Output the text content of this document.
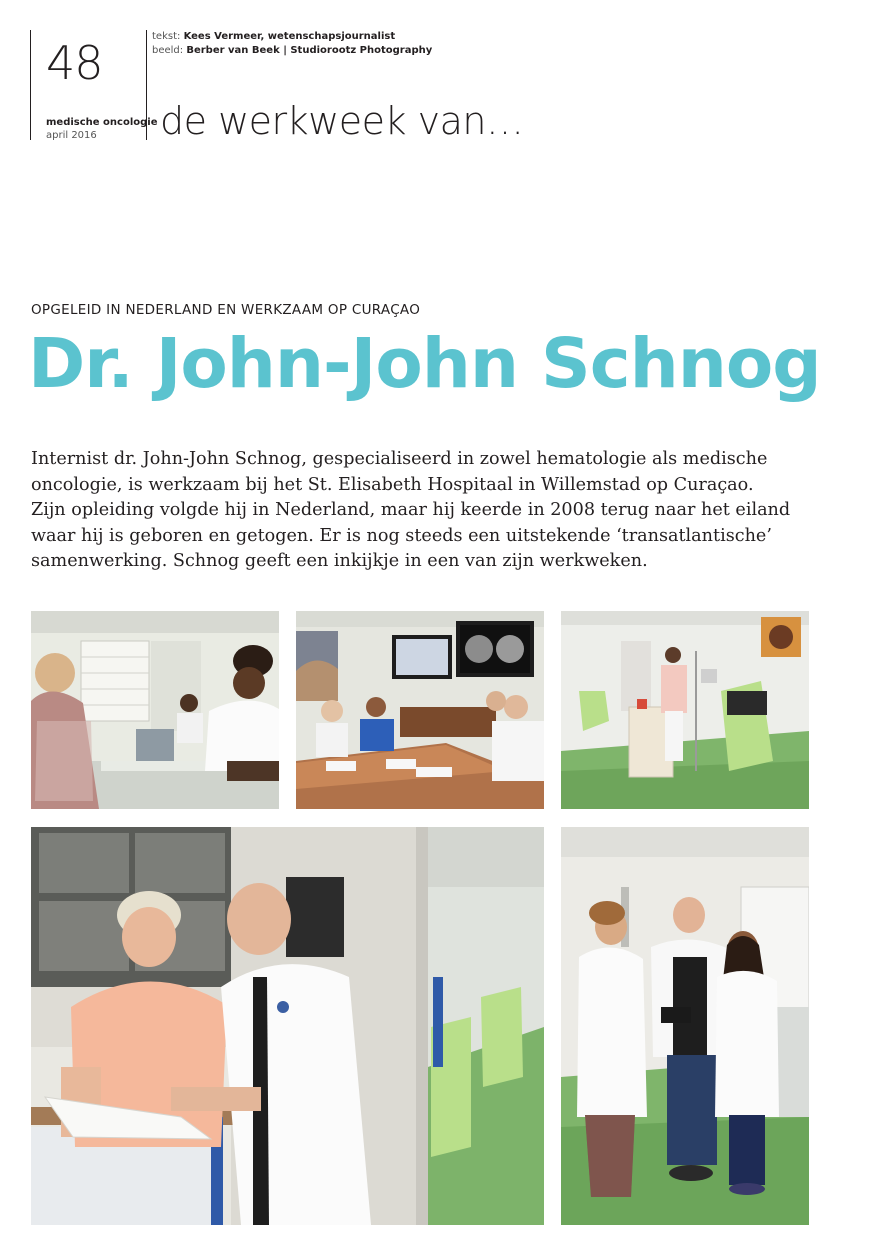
48
medische oncologie
april 2016
tekst: Kees Vermeer, wetenschapsjournalist
beeld: Berber van Beek | Studiorootz Photography
de werkweek van…
OPGELEID IN NEDERLAND EN WERKZAAM OP CURAÇAO
Dr. John-John Schnog
Internist dr. John-John Schnog, gespecialiseerd in zowel hematologie als medische
oncologie, is werkzaam bij het St. Elisabeth Hospitaal in Willemstad op Curaçao.
Zijn opleiding volgde hij in Nederland, maar hij keerde in 2008 terug naar het eiland
waar hij is geboren en getogen. Er is nog steeds een uitstekende ‘transatlantische’
samenwerking. Schnog geeft een inkijkje in een van zijn werkweken.
